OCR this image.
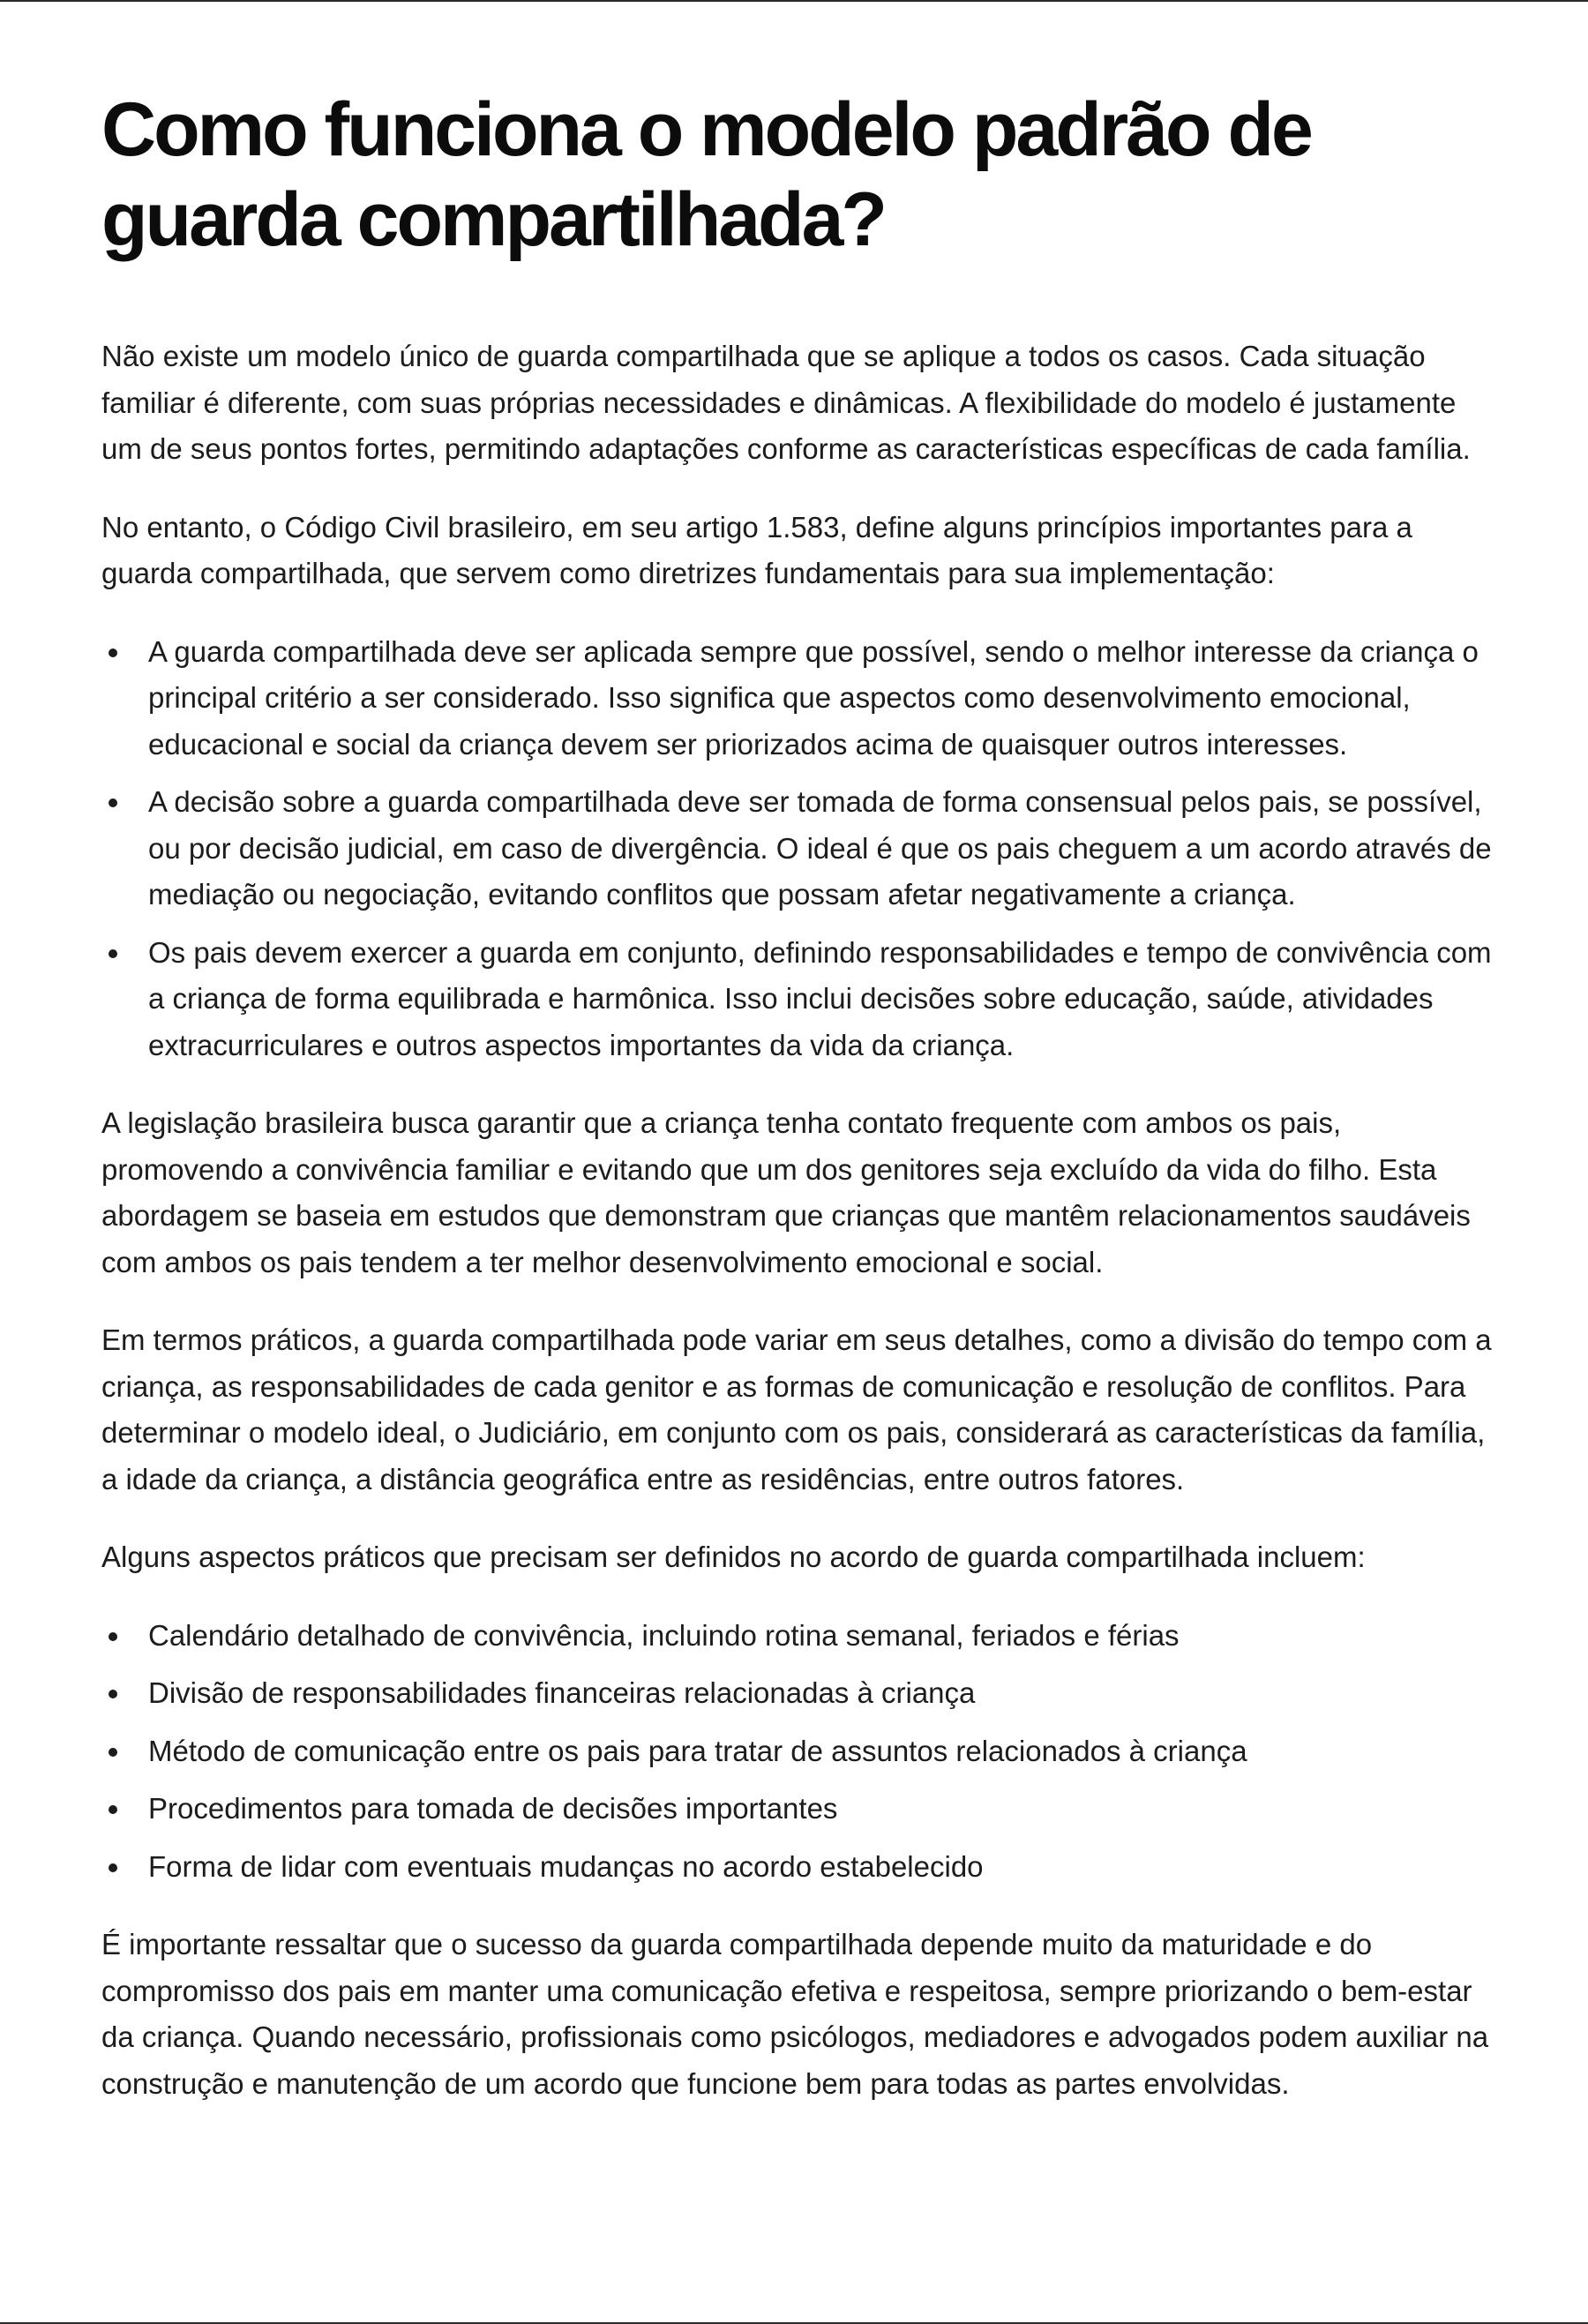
Como funciona o modelo padrão de guarda compartilhada?

Não existe um modelo único de guarda compartilhada que se aplique a todos os casos. Cada situação familiar é diferente, com suas próprias necessidades e dinâmicas. A flexibilidade do modelo é justamente um de seus pontos fortes, permitindo adaptações conforme as características específicas de cada família.

No entanto, o Código Civil brasileiro, em seu artigo 1.583, define alguns princípios importantes para a guarda compartilhada, que servem como diretrizes fundamentais para sua implementação:

A guarda compartilhada deve ser aplicada sempre que possível, sendo o melhor interesse da criança o principal critério a ser considerado. Isso significa que aspectos como desenvolvimento emocional, educacional e social da criança devem ser priorizados acima de quaisquer outros interesses.
A decisão sobre a guarda compartilhada deve ser tomada de forma consensual pelos pais, se possível, ou por decisão judicial, em caso de divergência. O ideal é que os pais cheguem a um acordo através de mediação ou negociação, evitando conflitos que possam afetar negativamente a criança.
Os pais devem exercer a guarda em conjunto, definindo responsabilidades e tempo de convivência com a criança de forma equilibrada e harmônica. Isso inclui decisões sobre educação, saúde, atividades extracurriculares e outros aspectos importantes da vida da criança.

A legislação brasileira busca garantir que a criança tenha contato frequente com ambos os pais, promovendo a convivência familiar e evitando que um dos genitores seja excluído da vida do filho. Esta abordagem se baseia em estudos que demonstram que crianças que mantêm relacionamentos saudáveis com ambos os pais tendem a ter melhor desenvolvimento emocional e social.

Em termos práticos, a guarda compartilhada pode variar em seus detalhes, como a divisão do tempo com a criança, as responsabilidades de cada genitor e as formas de comunicação e resolução de conflitos. Para determinar o modelo ideal, o Judiciário, em conjunto com os pais, considerará as características da família, a idade da criança, a distância geográfica entre as residências, entre outros fatores.

Alguns aspectos práticos que precisam ser definidos no acordo de guarda compartilhada incluem:

Calendário detalhado de convivência, incluindo rotina semanal, feriados e férias
Divisão de responsabilidades financeiras relacionadas à criança
Método de comunicação entre os pais para tratar de assuntos relacionados à criança
Procedimentos para tomada de decisões importantes
Forma de lidar com eventuais mudanças no acordo estabelecido

É importante ressaltar que o sucesso da guarda compartilhada depende muito da maturidade e do compromisso dos pais em manter uma comunicação efetiva e respeitosa, sempre priorizando o bem-estar da criança. Quando necessário, profissionais como psicólogos, mediadores e advogados podem auxiliar na construção e manutenção de um acordo que funcione bem para todas as partes envolvidas.
